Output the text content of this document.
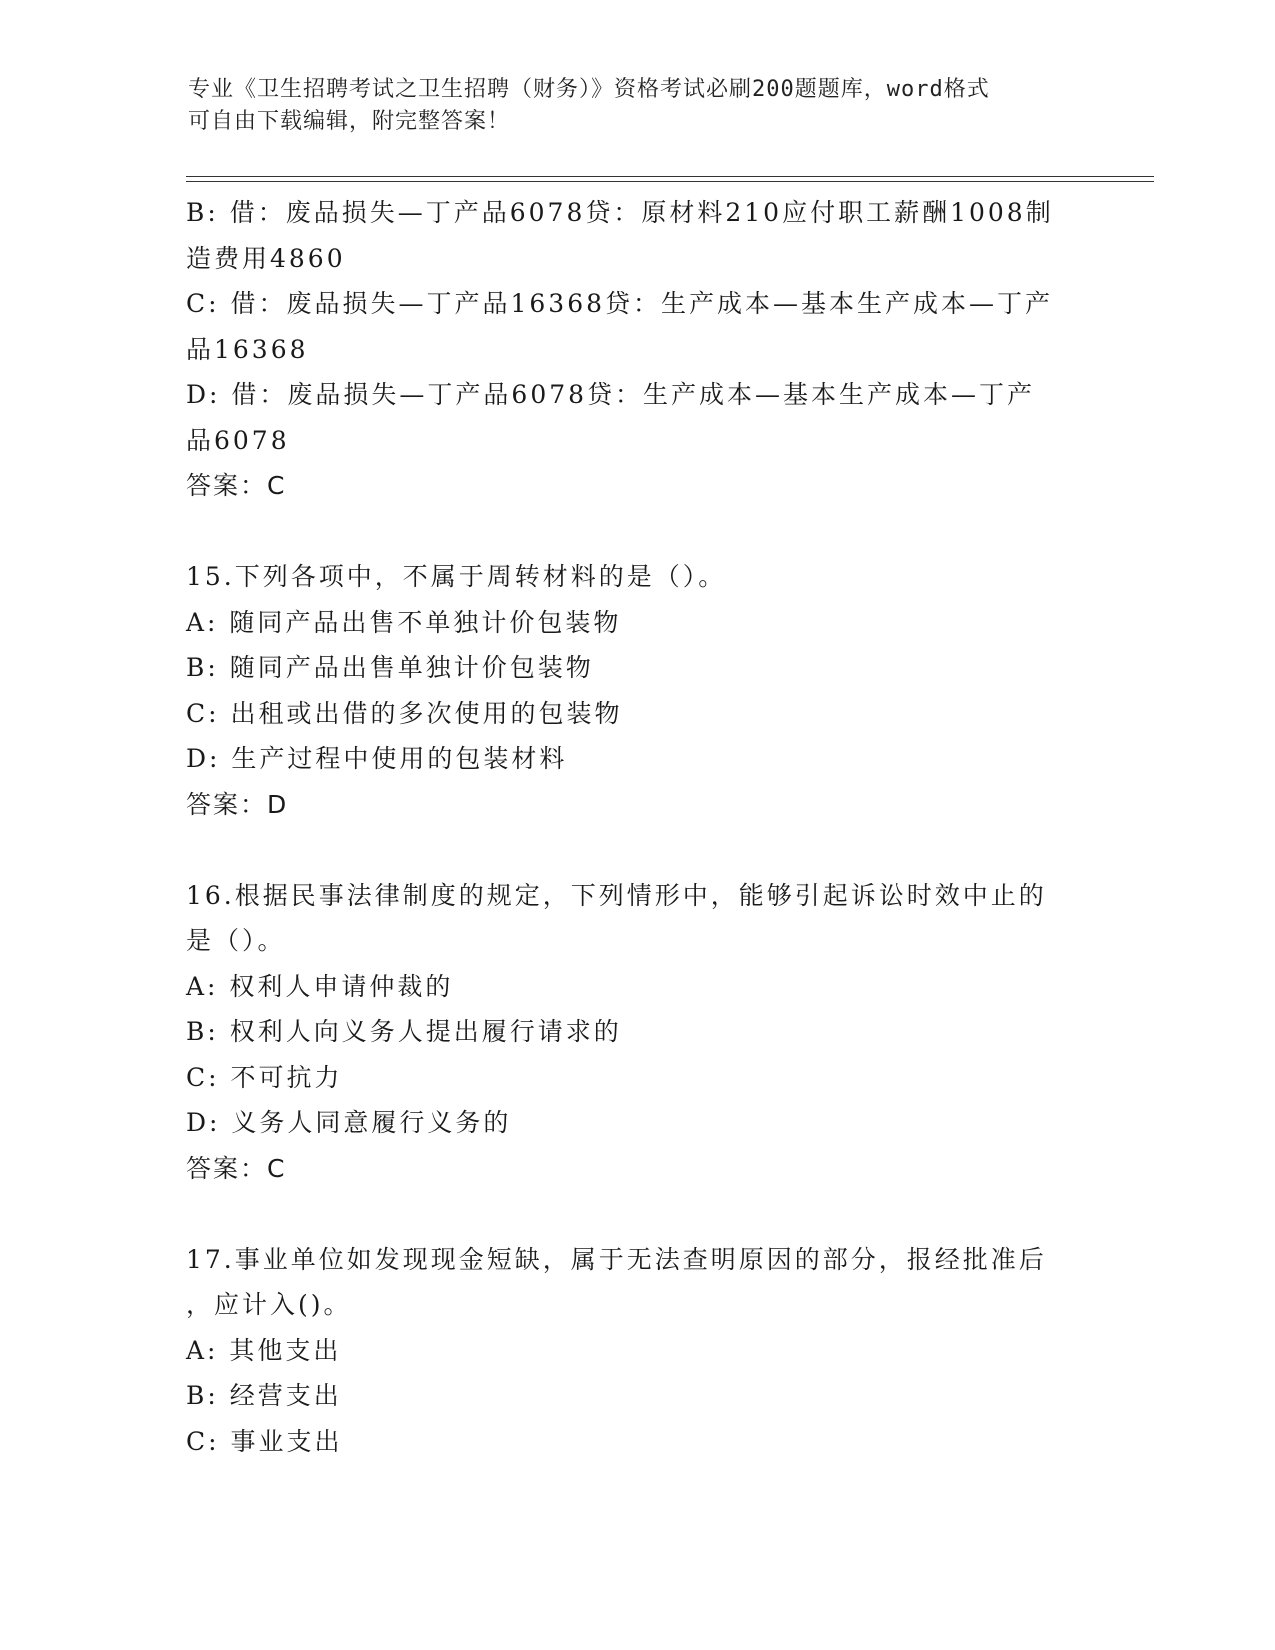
专业《卫生招聘考试之卫生招聘（财务）》资格考试必刷200题题库，word格式
可自由下载编辑，附完整答案！
B: 借：废品损失—丁产品6078贷：原材料210应付职工薪酬1008制
造费用4860
C: 借：废品损失—丁产品16368贷：生产成本—基本生产成本—丁产
品16368
D: 借：废品损失—丁产品6078贷：生产成本—基本生产成本—丁产
品6078
答案：C
15.下列各项中，不属于周转材料的是（）。
A: 随同产品出售不单独计价包装物
B: 随同产品出售单独计价包装物
C: 出租或出借的多次使用的包装物
D: 生产过程中使用的包装材料
答案：D
16.根据民事法律制度的规定，下列情形中，能够引起诉讼时效中止的
是（）。
A: 权利人申请仲裁的
B: 权利人向义务人提出履行请求的
C: 不可抗力
D: 义务人同意履行义务的
答案：C
17.事业单位如发现现金短缺，属于无法查明原因的部分，报经批准后
，应计入()。
A: 其他支出
B: 经营支出
C: 事业支出
